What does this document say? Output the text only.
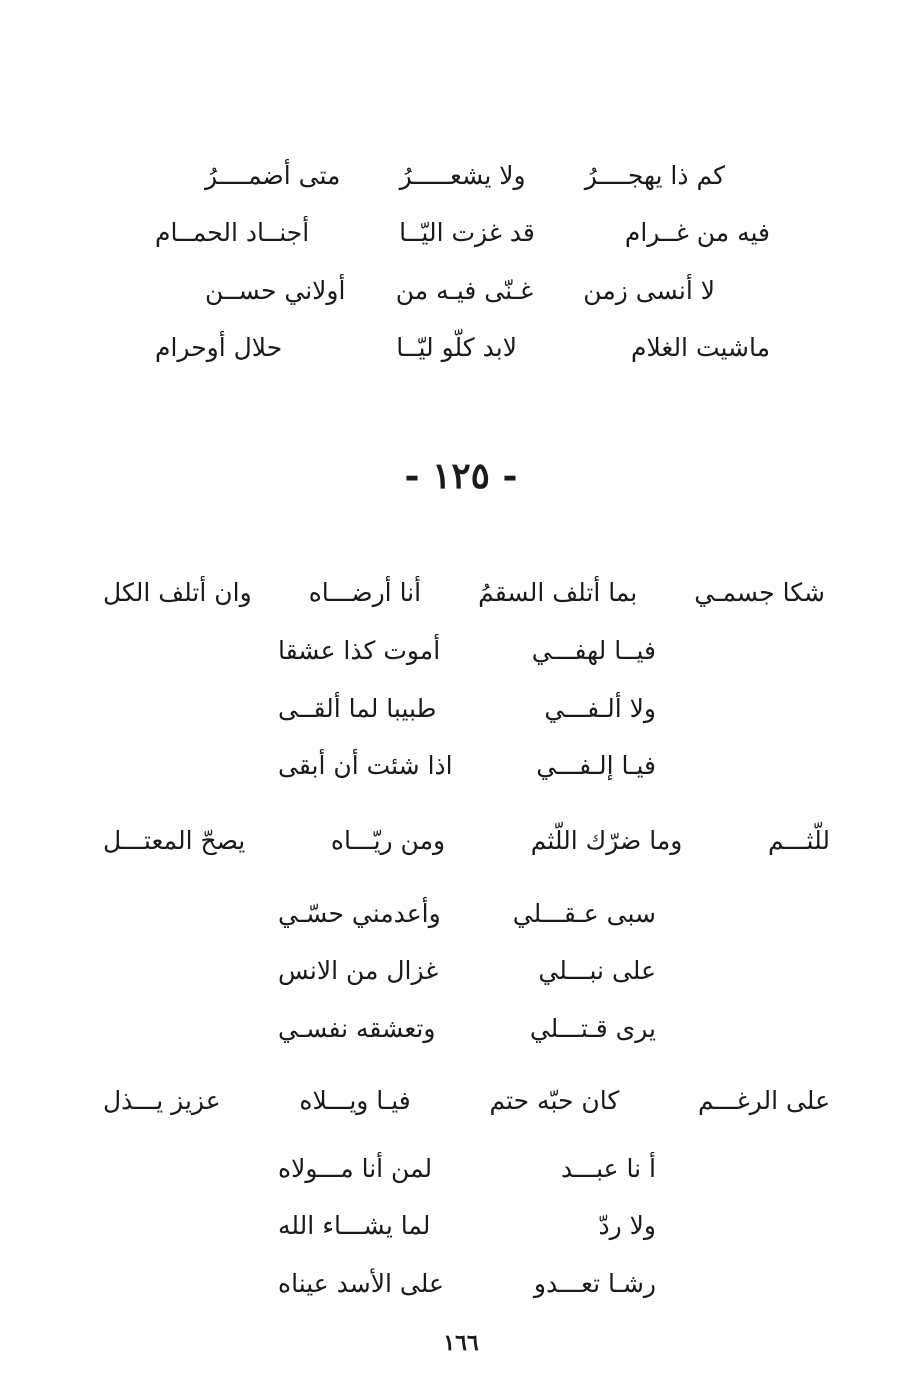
كم ذا يهجــــرُ
ولا يشعـــــرُ
متى أضمــــرُ
فيه من غــرام
قد غزت اليّــا
أجنــاد الحمــام
لا أنسى زمن
غـنّى فيـه من
أولاني حســن
ماشيت الغلام
لابد كلّو ليّــا
حلال أوحرام
- ١٢٥ -
شكا جسمـي
بما أتلف السقمُ
أنا أرضـــاه
وان أتلف الكل
فيــا لهفـــي
أموت كذا عشقا
ولا ألـفـــي
طبيبا لما ألقــى
فيـا إلـفـــي
اذا شئت أن أبقى
للّثـــم
وما ضرّك اللّثم
ومن ريّـــاه
يصحّ المعتـــل
سبى عـقـــلي
وأعدمني حسّـي
على نبـــلي
غزال من الانس
يرى قـتـــلي
وتعشقه نفسـي
على الرغـــم
كان حبّه حتم
فيـا ويـــلاه
عزيز يـــذل
أ نا عبـــد
لمن أنا مـــولاه
ولا ردّ
لما يشـــاء الله
رشـا تعـــدو
على الأسد عيناه
١٦٦
